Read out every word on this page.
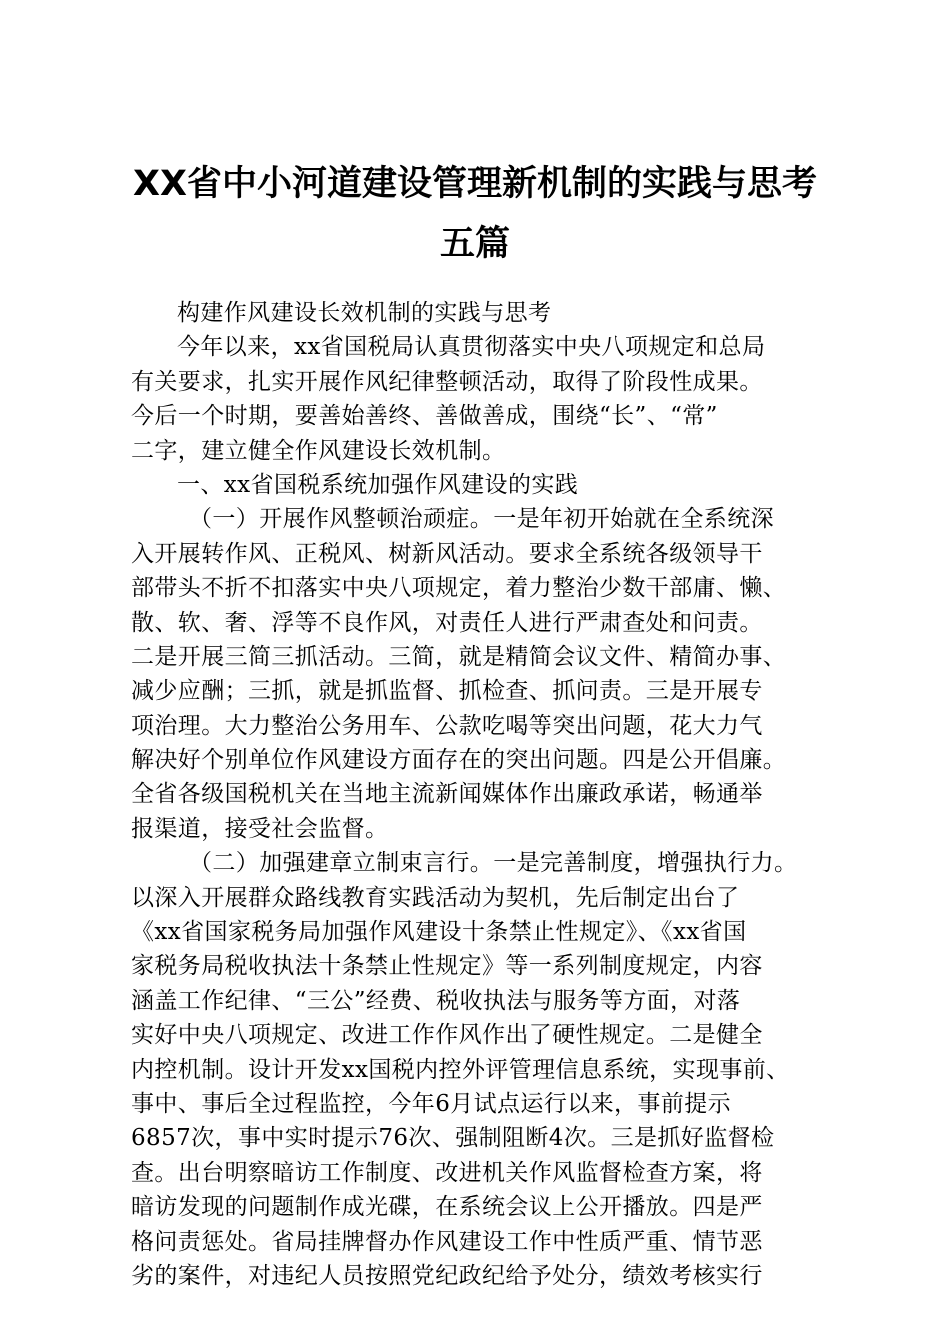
XX省中小河道建设管理新机制的实践与思考
五篇
构建作风建设长效机制的实践与思考
今年以来，xx省国税局认真贯彻落实中央八项规定和总局
有关要求，扎实开展作风纪律整顿活动，取得了阶段性成果。
今后一个时期，要善始善终、善做善成，围绕“长”、“常”
二字，建立健全作风建设长效机制。
一、xx省国税系统加强作风建设的实践
（一）开展作风整顿治顽症。一是年初开始就在全系统深
入开展转作风、正税风、树新风活动。要求全系统各级领导干
部带头不折不扣落实中央八项规定，着力整治少数干部庸、懒、
散、软、奢、浮等不良作风，对责任人进行严肃查处和问责。
二是开展三简三抓活动。三简，就是精简会议文件、精简办事、
减少应酬；三抓，就是抓监督、抓检查、抓问责。三是开展专
项治理。大力整治公务用车、公款吃喝等突出问题，花大力气
解决好个别单位作风建设方面存在的突出问题。四是公开倡廉。
全省各级国税机关在当地主流新闻媒体作出廉政承诺，畅通举
报渠道，接受社会监督。
（二）加强建章立制束言行。一是完善制度，增强执行力。
以深入开展群众路线教育实践活动为契机，先后制定出台了
《xx省国家税务局加强作风建设十条禁止性规定》、《xx省国
家税务局税收执法十条禁止性规定》等一系列制度规定，内容
涵盖工作纪律、“三公”经费、税收执法与服务等方面，对落
实好中央八项规定、改进工作作风作出了硬性规定。二是健全
内控机制。设计开发xx国税内控外评管理信息系统，实现事前、
事中、事后全过程监控，今年6月试点运行以来，事前提示
6857次，事中实时提示76次、强制阻断4次。三是抓好监督检
查。出台明察暗访工作制度、改进机关作风监督检查方案，将
暗访发现的问题制作成光碟，在系统会议上公开播放。四是严
格问责惩处。省局挂牌督办作风建设工作中性质严重、情节恶
劣的案件，对违纪人员按照党纪政纪给予处分，绩效考核实行
